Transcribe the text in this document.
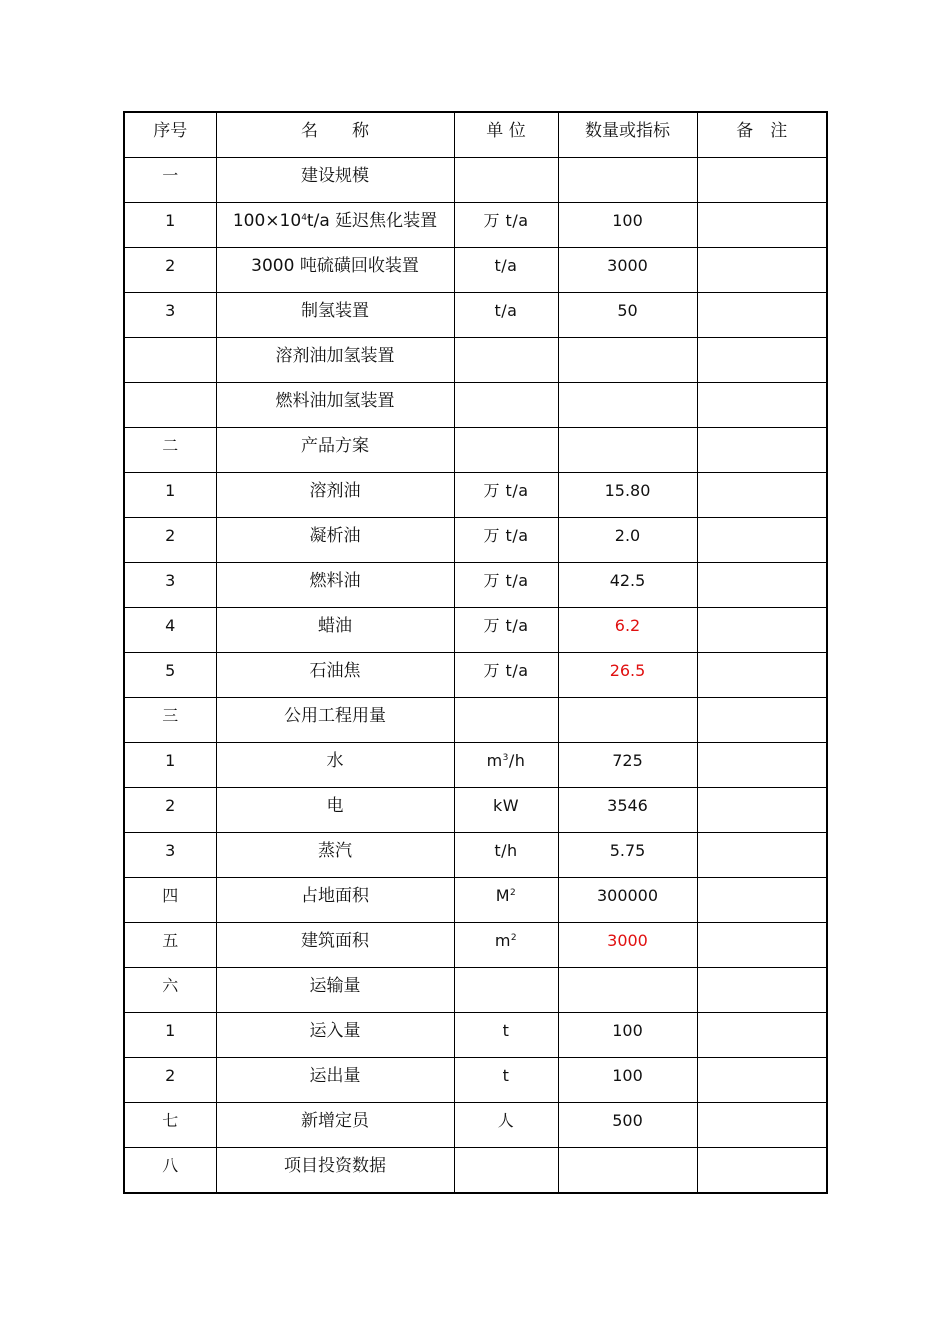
序号	名　　称	单 位	数量或指标	备　注
一	建设规模			
1	$100\times 10^4t/a$ 延迟焦化装置	万 t/a	100	
2	3000 吨硫磺回收装置	t/a	3000	
3	制氢装置	t/a	50	
	溶剂油加氢装置			
	燃料油加氢装置			
二	产品方案			
1	溶剂油	万 t/a	15.80	
2	凝析油	万 t/a	2.0	
3	燃料油	万 t/a	42.5	
4	蜡油	万 t/a	6.2	
5	石油焦	万 t/a	26.5	
三	公用工程用量			
1	水	$m^3/h$	725	
2	电	kW	3546	
3	蒸汽	t/h	5.75	
四	占地面积	$M^2$	300000	
五	建筑面积	$m^2$	3000	
六	运输量			
1	运入量	t	100	
2	运出量	t	100	
七	新增定员	人	500	
八	项目投资数据			
